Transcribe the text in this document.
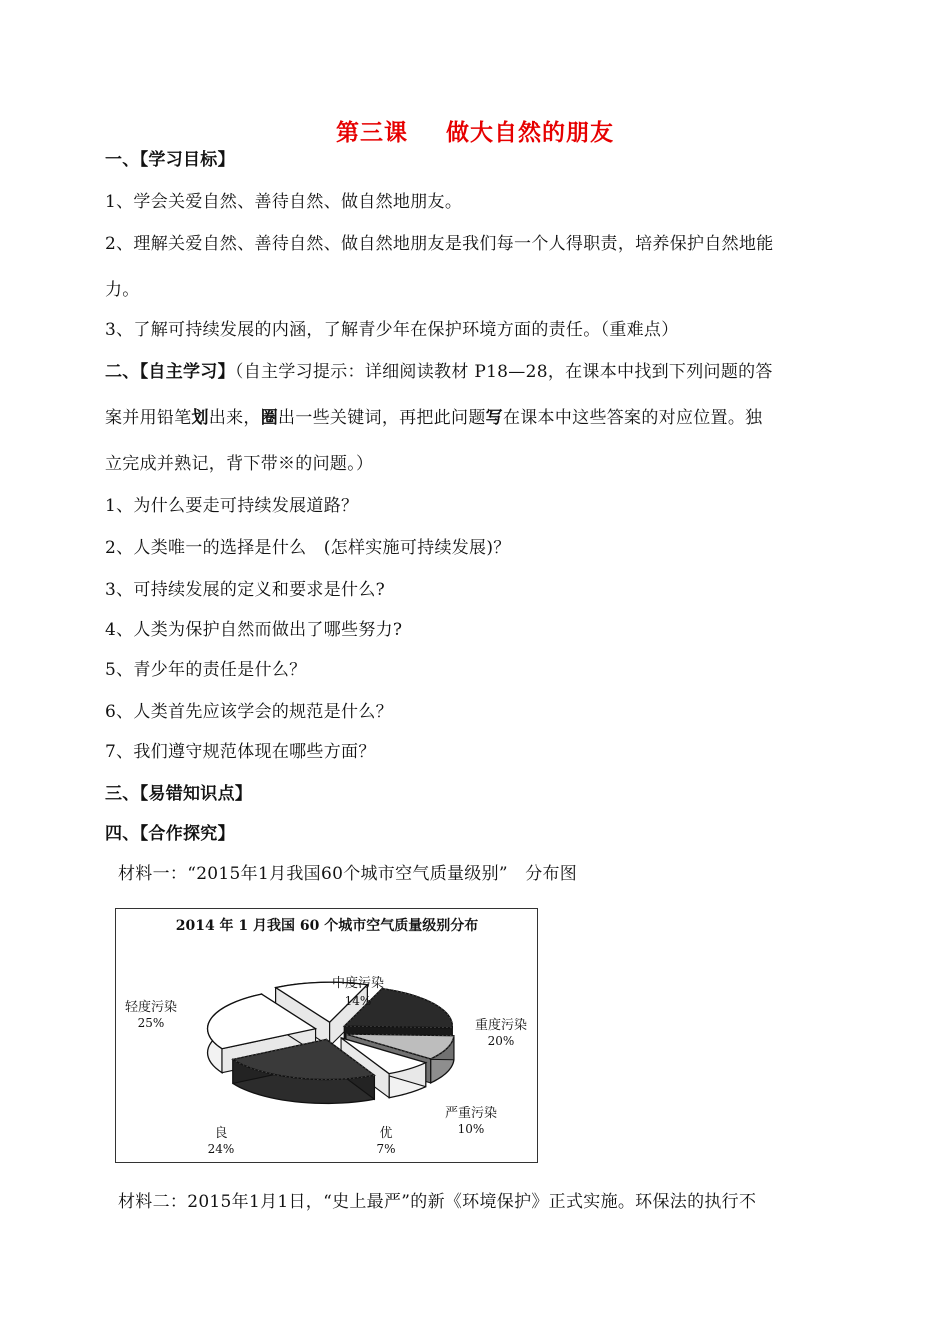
第三课 做大自然的朋友
一、【学习目标】
1、学会关爱自然、善待自然、做自然地朋友。
2、理解关爱自然、善待自然、做自然地朋友是我们每一个人得职责，培养保护自然地能
力。
3、了解可持续发展的内涵，了解青少年在保护环境方面的责任。（重难点）
二、【自主学习】（自主学习提示：详细阅读教材 P18—28，在课本中找到下列问题的答
案并用铅笔划出来，圈出一些关键词，再把此问题写在课本中这些答案的对应位置。独
立完成并熟记，背下带※的问题。）
1、为什么要走可持续发展道路？
2、人类唯一的选择是什么　(怎样实施可持续发展)？
3、可持续发展的定义和要求是什么?
4、人类为保护自然而做出了哪些努力?
5、青少年的责任是什么？
6、人类首先应该学会的规范是什么？
7、我们遵守规范体现在哪些方面？
三、【易错知识点】
四、【合作探究】
材料一：“2015年1月我国60个城市空气质量级别”　分布图
2014 年 1 月我国 60 个城市空气质量级别分布
中度污染
14%
重度污染
20%
严重污染
10%
优
7%
良
24%
轻度污染
25%
材料二：2015年1月1日，“史上最严”的新《环境保护》正式实施。环保法的执行不
